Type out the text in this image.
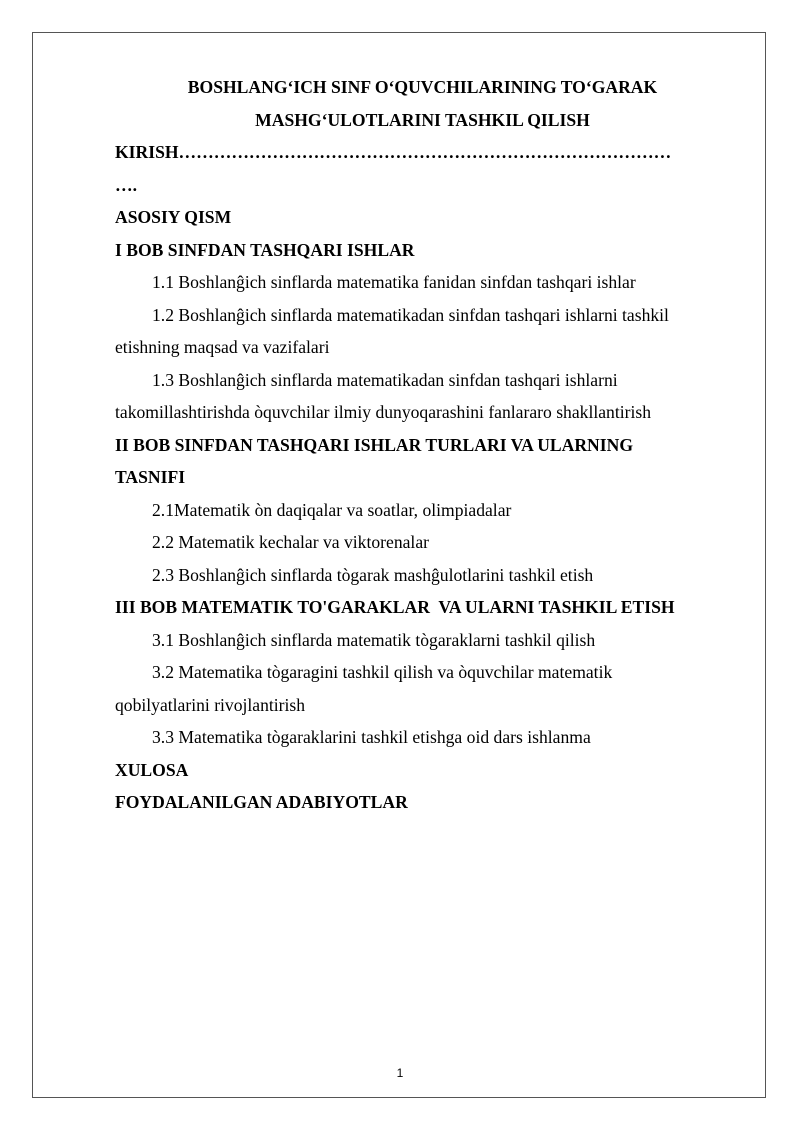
BOSHLANG‘ICH SINF O‘QUVCHILARINING TO‘GARAK
MASHG‘ULOTLARINI TASHKIL QILISH
KIRISH…………………………………………………………………………
….
ASOSIY QISM
I BOB SINFDAN TASHQARI ISHLAR
1.1 Boshlanĝich sinflarda matematika fanidan sinfdan tashqari ishlar
1.2 Boshlanĝich sinflarda matematikadan sinfdan tashqari ishlarni tashkil
etishning maqsad va vazifalari
1.3 Boshlanĝich sinflarda matematikadan sinfdan tashqari ishlarni
takomillashtirishda òquvchilar ilmiy dunyoqarashini fanlararo shakllantirish
II BOB SINFDAN TASHQARI ISHLAR TURLARI VA ULARNING
TASNIFI
2.1Matematik òn daqiqalar va soatlar, olimpiadalar
2.2 Matematik kechalar va viktorenalar
2.3 Boshlanĝich sinflarda tògarak mashĝulotlarini tashkil etish
III BOB MATEMATIK TO'GARAKLAR  VA ULARNI TASHKIL ETISH
3.1 Boshlanĝich sinflarda matematik tògaraklarni tashkil qilish
3.2 Matematika tògaragini tashkil qilish va òquvchilar matematik
qobilyatlarini rivojlantirish
3.3 Matematika tògaraklarini tashkil etishga oid dars ishlanma
XULOSA
FOYDALANILGAN ADABIYOTLAR
1
